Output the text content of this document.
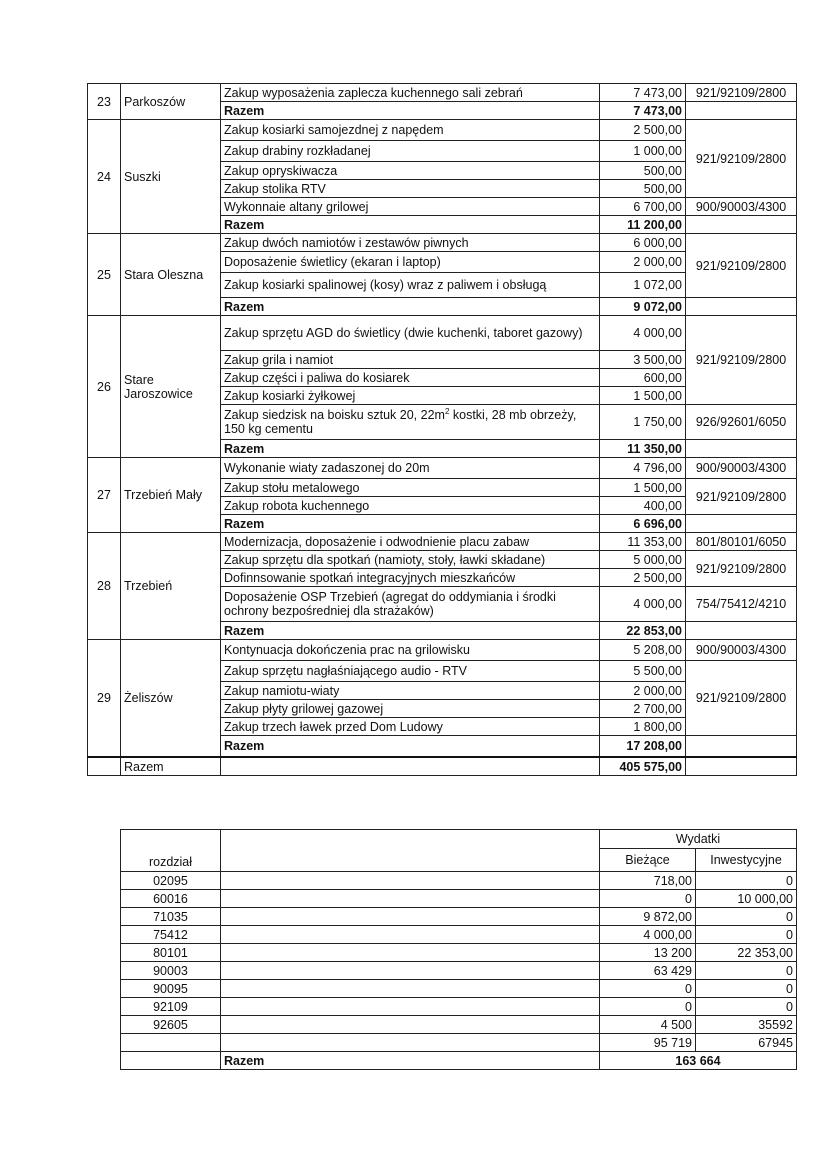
23	Parkoszów	Zakup wyposażenia zaplecza kuchennego sali zebrań	7 473,00	921/92109/2800
		Razem	7 473,00	
24	Suszki	Zakup kosiarki samojezdnej z napędem	2 500,00	921/92109/2800
		Zakup drabiny rozkładanej	1 000,00	
		Zakup opryskiwacza	500,00	
		Zakup stolika RTV	500,00	
		Wykonnaie altany grilowej	6 700,00	900/90003/4300
		Razem	11 200,00	
25	Stara Oleszna	Zakup dwóch namiotów i zestawów piwnych	6 000,00	921/92109/2800
		Doposażenie świetlicy (ekaran i laptop)	2 000,00	
		Zakup kosiarki spalinowej (kosy) wraz z paliwem i obsługą	1 072,00	
		Razem	9 072,00	
26	Stare Jaroszowice	Zakup sprzętu AGD do świetlicy (dwie kuchenki, taboret gazowy)	4 000,00	921/92109/2800
		Zakup grila i namiot	3 500,00	
		Zakup części i paliwa do kosiarek	600,00	
		Zakup kosiarki żyłkowej	1 500,00	
		Zakup siedzisk na boisku sztuk 20, $22m^2$ kostki, 28 mb obrzeży, 150 kg cementu	1 750,00	926/92601/6050
		Razem	11 350,00	
27	Trzebień Mały	Wykonanie wiaty zadaszonej do 20m	4 796,00	900/90003/4300
		Zakup stołu metalowego	1 500,00	921/92109/2800
		Zakup robota kuchennego	400,00	
		Razem	6 696,00	
28	Trzebień	Modernizacja, doposażenie i odwodnienie placu zabaw	11 353,00	801/80101/6050
		Zakup sprzętu dla spotkań (namioty, stoły, ławki składane)	5 000,00	921/92109/2800
		Dofinnsowanie spotkań integracyjnych mieszkańców	2 500,00	
		Doposażenie OSP Trzebień (agregat do oddymiania i środki ochrony bezpośredniej dla strażaków)	4 000,00	754/75412/4210
		Razem	22 853,00	
29	Żeliszów	Kontynuacja dokończenia prac na grilowisku	5 208,00	900/90003/4300
		Zakup sprzętu nagłaśniającego audio - RTV	5 500,00	921/92109/2800
		Zakup namiotu-wiaty	2 000,00	
		Zakup płyty grilowej gazowej	2 700,00	
		Zakup trzech ławek przed Dom Ludowy	1 800,00	
		Razem	17 208,00	
	Razem		405 575,00	
rozdział		Wydatki	
		Bieżące	Inwestycyjne
02095		718,00	0
60016		0	10 000,00
71035		9 872,00	0
75412		4 000,00	0
80101		13 200	22 353,00
90003		63 429	0
90095		0	0
92109		0	0
92605		4 500	35592
		95 719	67945
	Razem	163 664	
